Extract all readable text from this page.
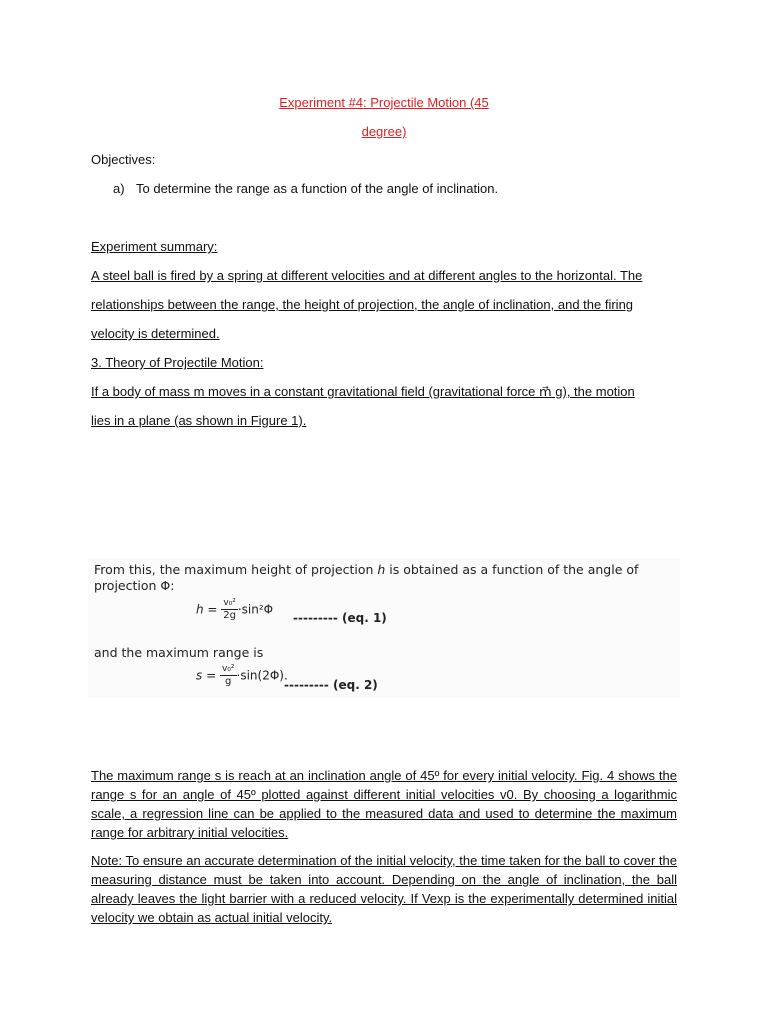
Experiment #4: Projectile Motion (45
degree)
Objectives:
a) To determine the range as a function of the angle of inclination.
Experiment summary:
A steel ball is fired by a spring at different velocities and at different angles to the horizontal. The
relationships between the range, the height of projection, the angle of inclination, and the firing
velocity is determined.
3. Theory of Projectile Motion:
If a body of mass m moves in a constant gravitational field (gravitational force m⃗ g), the motion
lies in a plane (as shown in Figure 1).
From this, the maximum height of projection h is obtained as a function of the angle of projection Φ:
$h = \frac{\text{v₀²}}{2g} \cdot\sin^2\Phi$
--------- (eq. 1)
and the maximum range is
$s = \frac{\text{v₀²}}{g} \cdot\sin(2\Phi)$.
--------- (eq. 2)
The maximum range s is reach at an inclination angle of 45º for every initial velocity. Fig. 4 shows the range s for an angle of 45º plotted against different initial velocities v0. By choosing a logarithmic scale, a regression line can be applied to the measured data and used to determine the maximum range for arbitrary initial velocities.
Note: To ensure an accurate determination of the initial velocity, the time taken for the ball to cover the measuring distance must be taken into account. Depending on the angle of inclination, the ball already leaves the light barrier with a reduced velocity. If Vexp is the experimentally determined initial velocity we obtain as actual initial velocity.
